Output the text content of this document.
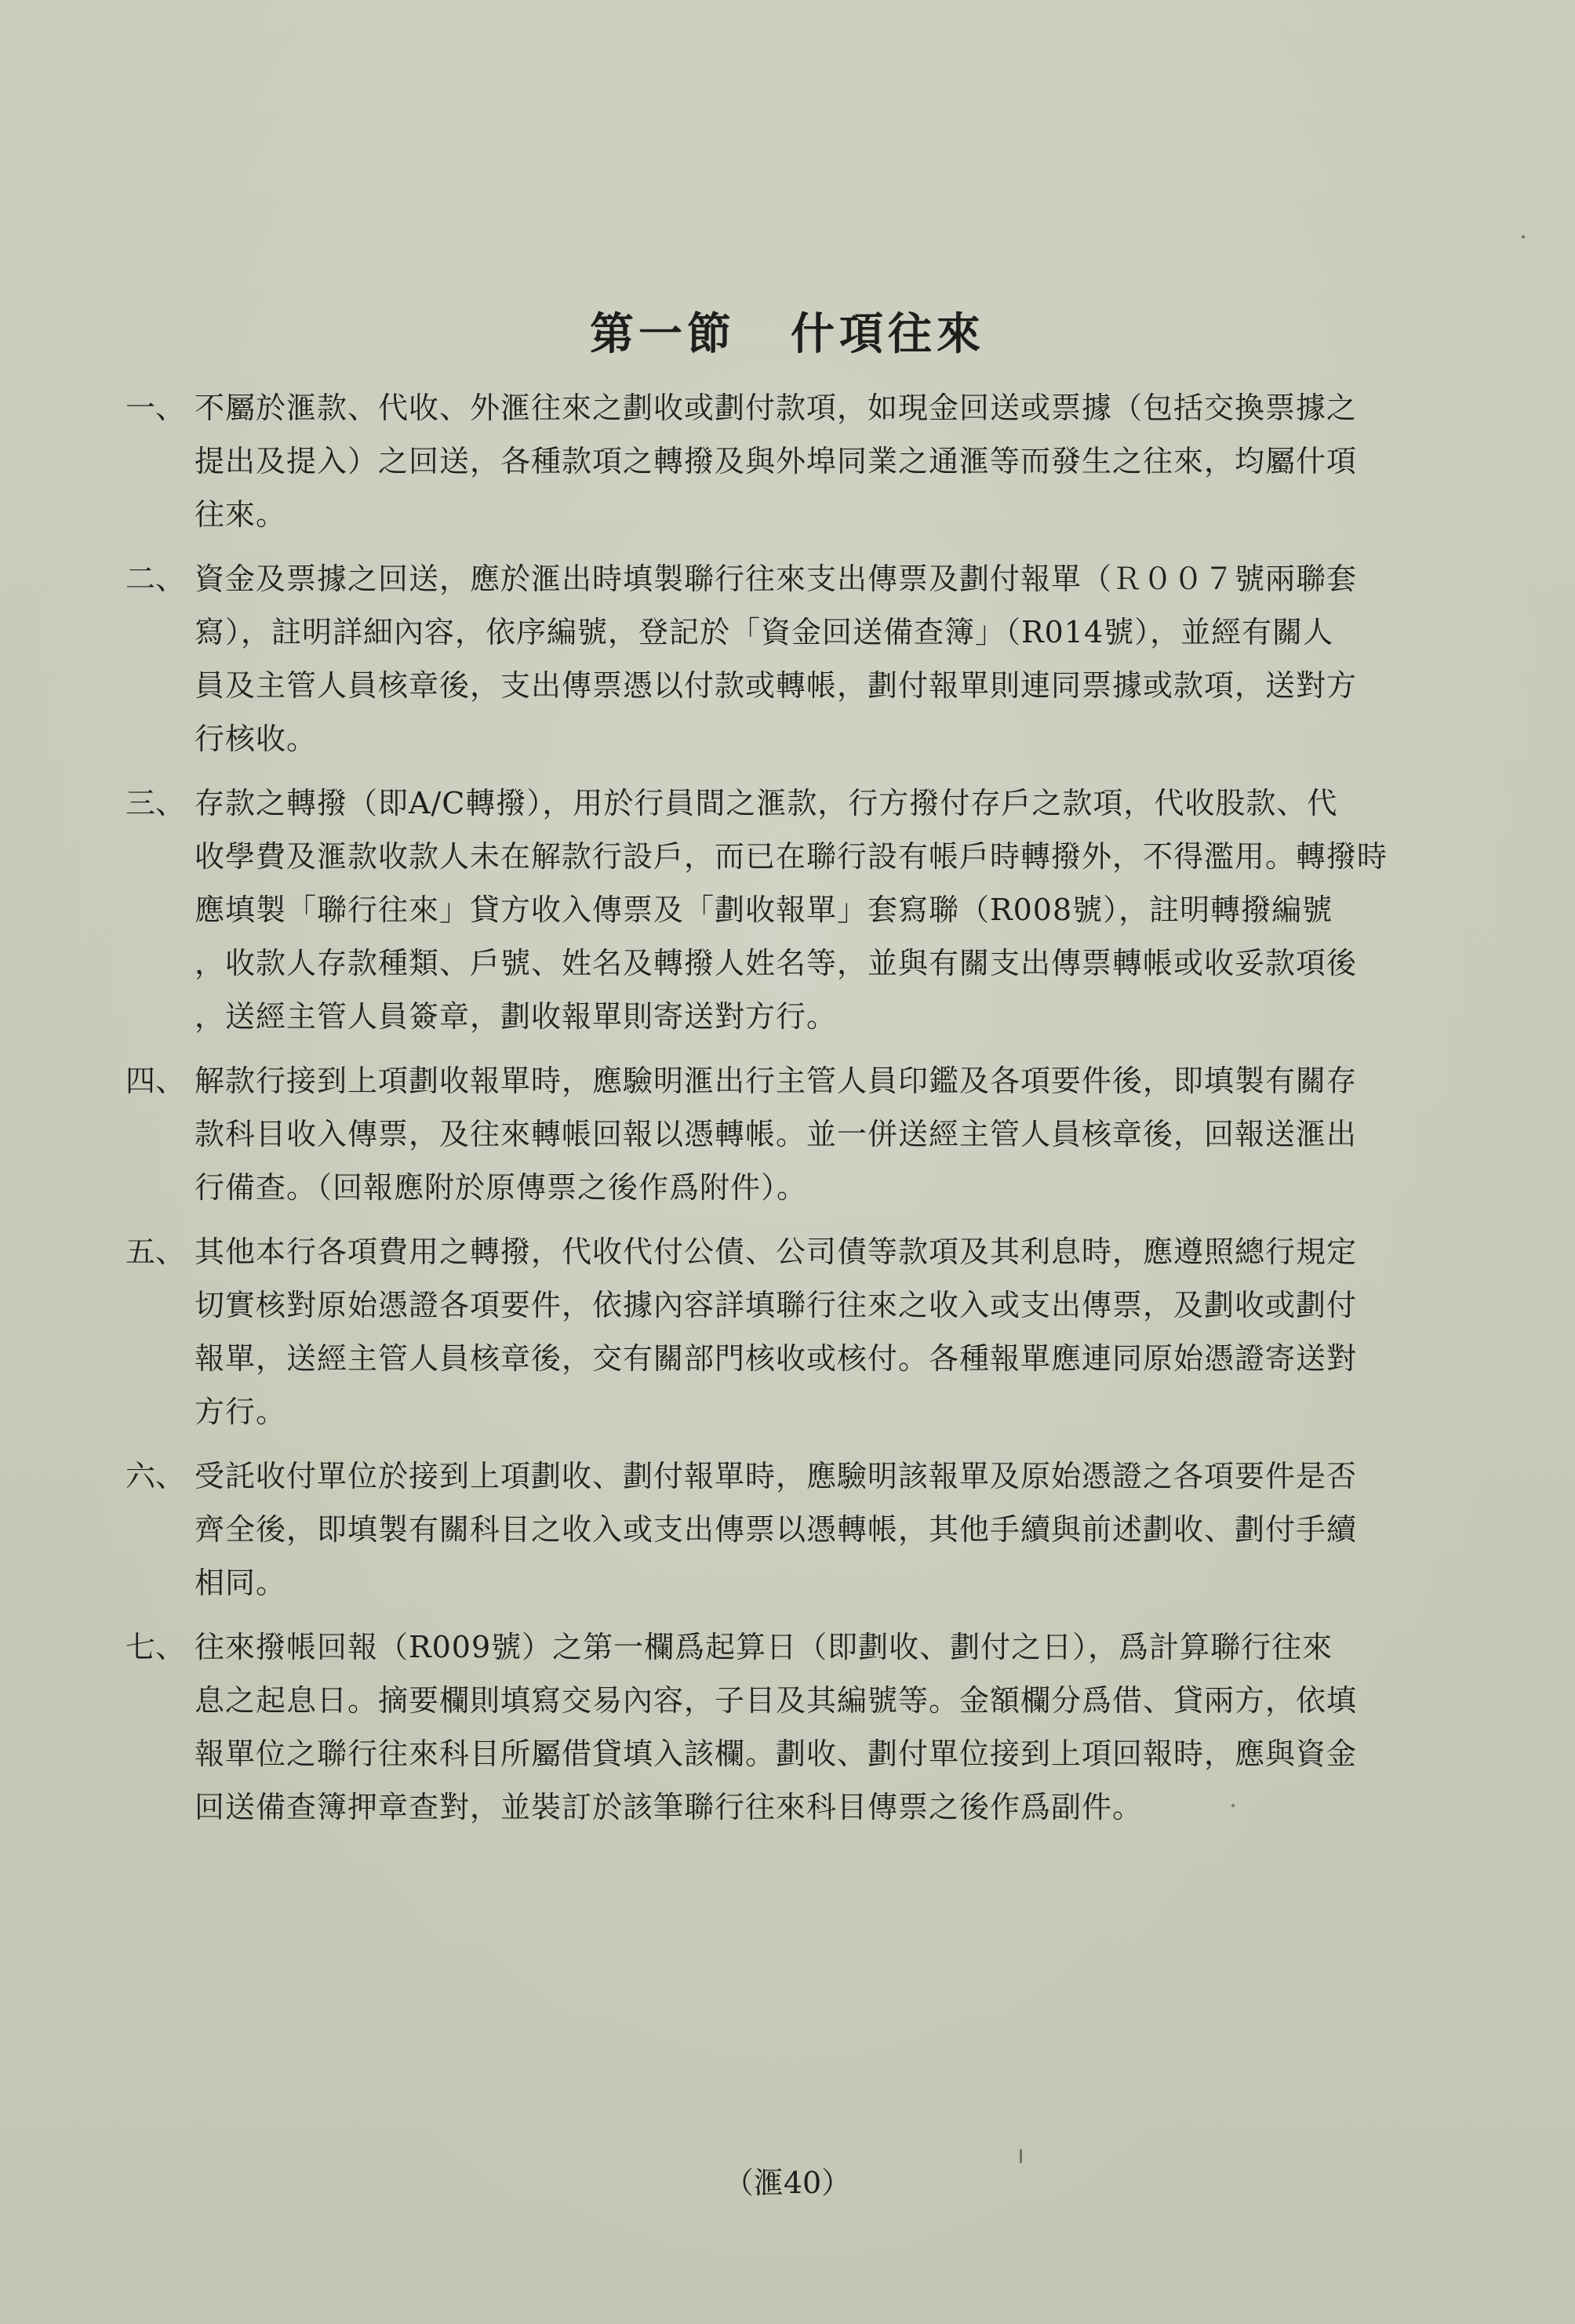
第一節 什項往來
一、 不屬於滙款、代收、外滙往來之劃收或劃付款項，如現金回送或票據（包括交換票據之
提出及提入）之回送，各種款項之轉撥及與外埠同業之通滙等而發生之往來，均屬什項
往來。
二、 資金及票據之回送，應於滙出時填製聯行往來支出傳票及劃付報單（Ｒ００７號兩聯套
寫），註明詳細內容，依序編號，登記於「資金回送備查簿」（R014號），並經有關人
員及主管人員核章後，支出傳票憑以付款或轉帳，劃付報單則連同票據或款項，送對方
行核收。
三、 存款之轉撥（即A/C轉撥），用於行員間之滙款，行方撥付存戶之款項，代收股款、代
收學費及滙款收款人未在解款行設戶，而已在聯行設有帳戶時轉撥外，不得濫用。轉撥時
應填製「聯行往來」貸方收入傳票及「劃收報單」套寫聯（R008號），註明轉撥編號
，收款人存款種類、戶號、姓名及轉撥人姓名等，並與有關支出傳票轉帳或收妥款項後
，送經主管人員簽章，劃收報單則寄送對方行。
四、 解款行接到上項劃收報單時，應驗明滙出行主管人員印鑑及各項要件後，即填製有關存
款科目收入傳票，及往來轉帳回報以憑轉帳。並一併送經主管人員核章後，回報送滙出
行備查。（回報應附於原傳票之後作爲附件）。
五、 其他本行各項費用之轉撥，代收代付公債、公司債等款項及其利息時，應遵照總行規定
切實核對原始憑證各項要件，依據內容詳填聯行往來之收入或支出傳票，及劃收或劃付
報單，送經主管人員核章後，交有關部門核收或核付。各種報單應連同原始憑證寄送對
方行。
六、 受託收付單位於接到上項劃收、劃付報單時，應驗明該報單及原始憑證之各項要件是否
齊全後，即填製有關科目之收入或支出傳票以憑轉帳，其他手續與前述劃收、劃付手續
相同。
七、 往來撥帳回報（R009號）之第一欄爲起算日（即劃收、劃付之日），爲計算聯行往來
息之起息日。摘要欄則填寫交易內容，子目及其編號等。金額欄分爲借、貸兩方，依填
報單位之聯行往來科目所屬借貸填入該欄。劃收、劃付單位接到上項回報時，應與資金
回送備查簿押章查對，並裝訂於該筆聯行往來科目傳票之後作爲副件。
（滙40）
